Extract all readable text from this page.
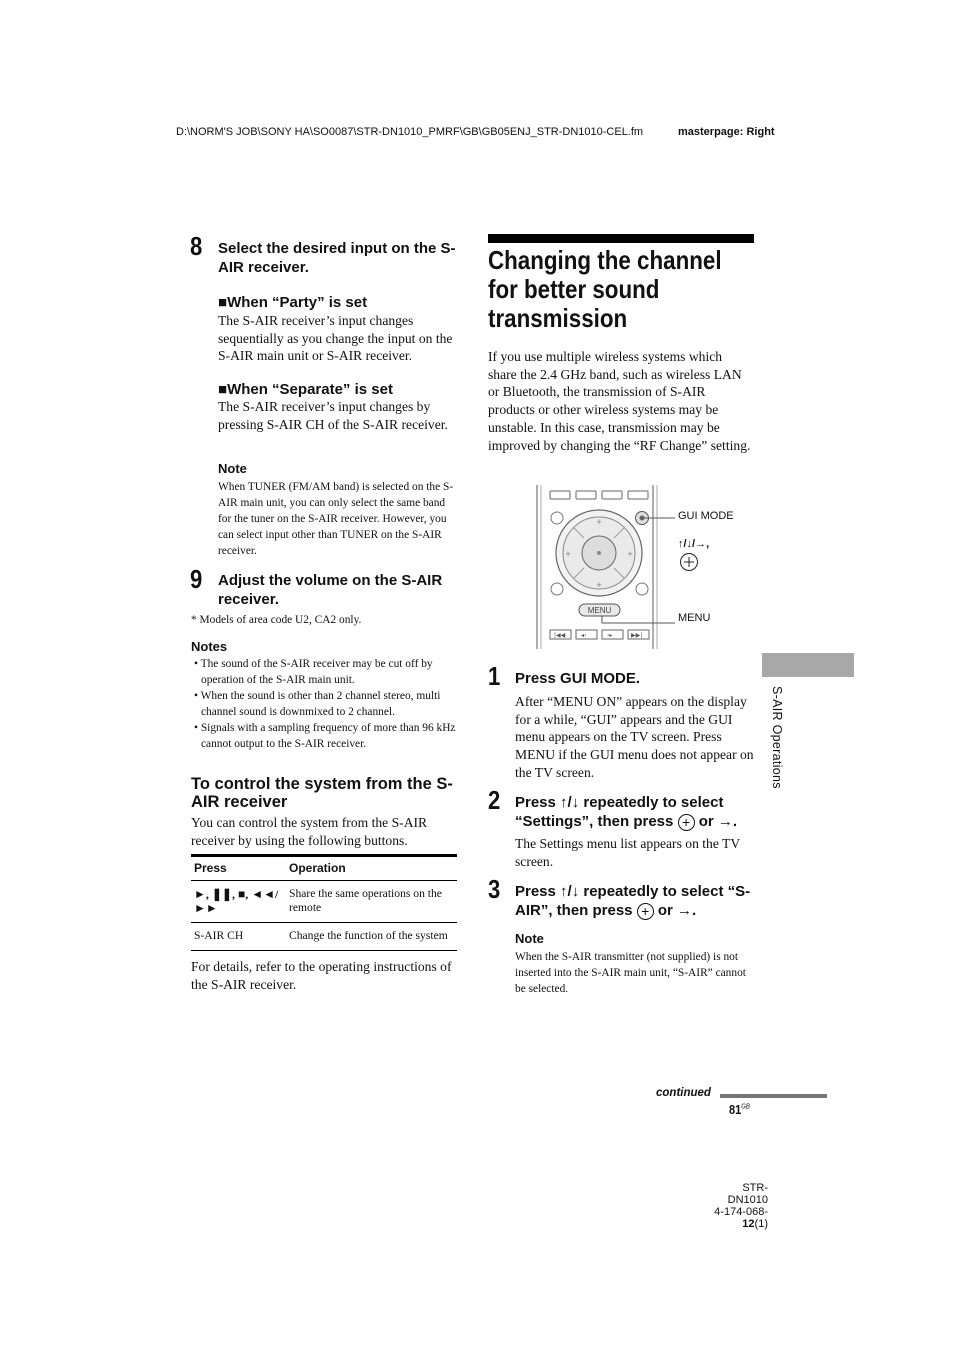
D:\NORM'S JOB\SONY HA\SO0087\STR-DN1010_PMRF\GB\GB05ENJ_STR-DN1010-CEL.fm	masterpage: Right
8 Select the desired input on the S-AIR receiver.
■When “Party” is set
The S-AIR receiver’s input changes sequentially as you change the input on the S-AIR main unit or S-AIR receiver.
■When “Separate” is set
The S-AIR receiver’s input changes by pressing S-AIR CH of the S-AIR receiver.
Note
When TUNER (FM/AM band) is selected on the S-AIR main unit, you can only select the same band for the tuner on the S-AIR receiver. However, you can select input other than TUNER on the S-AIR receiver.
9 Adjust the volume on the S-AIR receiver.
* Models of area code U2, CA2 only.
Notes
• The sound of the S-AIR receiver may be cut off by operation of the S-AIR main unit.
• When the sound is other than 2 channel stereo, multi channel sound is downmixed to 2 channel.
• Signals with a sampling frequency of more than 96 kHz cannot output to the S-AIR receiver.
To control the system from the S-AIR receiver
You can control the system from the S-AIR receiver by using the following buttons.
Press	Operation
►, ❚❚, ■, ◄◄/►►	Share the same operations on the remote
S-AIR CH	Change the function of the system
For details, refer to the operating instructions of the S-AIR receiver.
Changing the channel for better sound transmission
If you use multiple wireless systems which share the 2.4 GHz band, such as wireless LAN or Bluetooth, the transmission of S-AIR products or other wireless systems may be unstable. In this case, transmission may be improved by changing the “RF Change” setting.
+
+
+	+
MENU
|◀◀	◂‹	›▸	▶▶|
GUI MODE
↑/↓/→,
MENU
1 Press GUI MODE.
After “MENU ON” appears on the display for a while, “GUI” appears and the GUI menu appears on the TV screen. Press MENU if the GUI menu does not appear on the TV screen.
2 Press ↑/↓ repeatedly to select “Settings”, then press + or →.
The Settings menu list appears on the TV screen.
3 Press ↑/↓ repeatedly to select “S-AIR”, then press + or →.
Note
When the S-AIR transmitter (not supplied) is not inserted into the S-AIR main unit, “S-AIR” cannot be selected.
S-AIR Operations
continued
$81^{GB}$
STR-DN1010
4-174-068-12(1)
